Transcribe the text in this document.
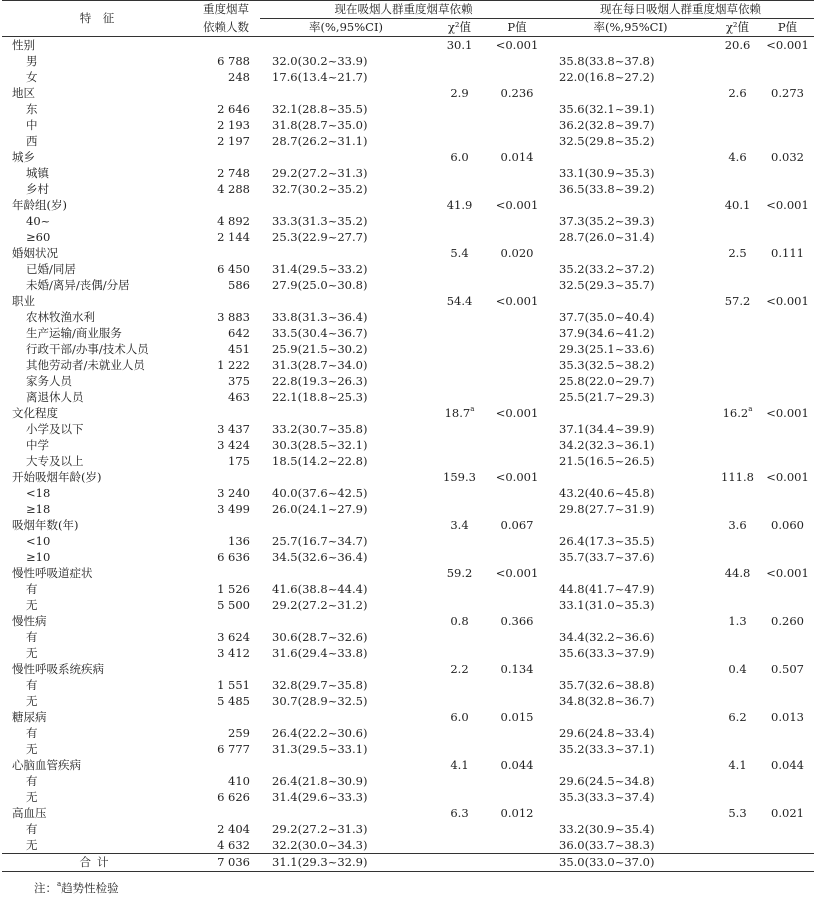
特　征	重度烟草	现在吸烟人群重度烟草依赖			现在每日吸烟人群重度烟草依赖		
	依赖人数	率(%,95%CI)	χ²值	P值	率(%,95%CI)	χ²值	P值
性别			30.1	<0.001		20.6	<0.001
男	6 788	32.0(30.2~33.9)			35.8(33.8~37.8)		
女	248	17.6(13.4~21.7)			22.0(16.8~27.2)		
地区			2.9	0.236		2.6	0.273
东	2 646	32.1(28.8~35.5)			35.6(32.1~39.1)		
中	2 193	31.8(28.7~35.0)			36.2(32.8~39.7)		
西	2 197	28.7(26.2~31.1)			32.5(29.8~35.2)		
城乡			6.0	0.014		4.6	0.032
城镇	2 748	29.2(27.2~31.3)			33.1(30.9~35.3)		
乡村	4 288	32.7(30.2~35.2)			36.5(33.8~39.2)		
年龄组(岁)			41.9	<0.001		40.1	<0.001
40~	4 892	33.3(31.3~35.2)			37.3(35.2~39.3)		
≥60	2 144	25.3(22.9~27.7)			28.7(26.0~31.4)		
婚姻状况			5.4	0.020		2.5	0.111
已婚/同居	6 450	31.4(29.5~33.2)			35.2(33.2~37.2)		
未婚/离异/丧偶/分居	586	27.9(25.0~30.8)			32.5(29.3~35.7)		
职业			54.4	<0.001		57.2	<0.001
农林牧渔水利	3 883	33.8(31.3~36.4)			37.7(35.0~40.4)		
生产运输/商业服务	642	33.5(30.4~36.7)			37.9(34.6~41.2)		
行政干部/办事/技术人员	451	25.9(21.5~30.2)			29.3(25.1~33.6)		
其他劳动者/未就业人员	1 222	31.3(28.7~34.0)			35.3(32.5~38.2)		
家务人员	375	22.8(19.3~26.3)			25.8(22.0~29.7)		
离退休人员	463	22.1(18.8~25.3)			25.5(21.7~29.3)		
文化程度			18.7$^a$	<0.001		16.2$^a$	<0.001
小学及以下	3 437	33.2(30.7~35.8)			37.1(34.4~39.9)		
中学	3 424	30.3(28.5~32.1)			34.2(32.3~36.1)		
大专及以上	175	18.5(14.2~22.8)			21.5(16.5~26.5)		
开始吸烟年龄(岁)			159.3	<0.001		111.8	<0.001
<18	3 240	40.0(37.6~42.5)			43.2(40.6~45.8)		
≥18	3 499	26.0(24.1~27.9)			29.8(27.7~31.9)		
吸烟年数(年)			3.4	0.067		3.6	0.060
<10	136	25.7(16.7~34.7)			26.4(17.3~35.5)		
≥10	6 636	34.5(32.6~36.4)			35.7(33.7~37.6)		
慢性呼吸道症状			59.2	<0.001		44.8	<0.001
有	1 526	41.6(38.8~44.4)			44.8(41.7~47.9)		
无	5 500	29.2(27.2~31.2)			33.1(31.0~35.3)		
慢性病			0.8	0.366		1.3	0.260
有	3 624	30.6(28.7~32.6)			34.4(32.2~36.6)		
无	3 412	31.6(29.4~33.8)			35.6(33.3~37.9)		
慢性呼吸系统疾病			2.2	0.134		0.4	0.507
有	1 551	32.8(29.7~35.8)			35.7(32.6~38.8)		
无	5 485	30.7(28.9~32.5)			34.8(32.8~36.7)		
糖尿病			6.0	0.015		6.2	0.013
有	259	26.4(22.2~30.6)			29.6(24.8~33.4)		
无	6 777	31.3(29.5~33.1)			35.2(33.3~37.1)		
心脑血管疾病			4.1	0.044		4.1	0.044
有	410	26.4(21.8~30.9)			29.6(24.5~34.8)		
无	6 626	31.4(29.6~33.3)			35.3(33.3~37.4)		
高血压			6.3	0.012		5.3	0.021
有	2 404	29.2(27.2~31.3)			33.2(30.9~35.4)		
无	4 632	32.2(30.0~34.3)			36.0(33.7~38.3)		
合计	7 036	31.1(29.3~32.9)			35.0(33.0~37.0)		
注：$^a$趋势性检验
